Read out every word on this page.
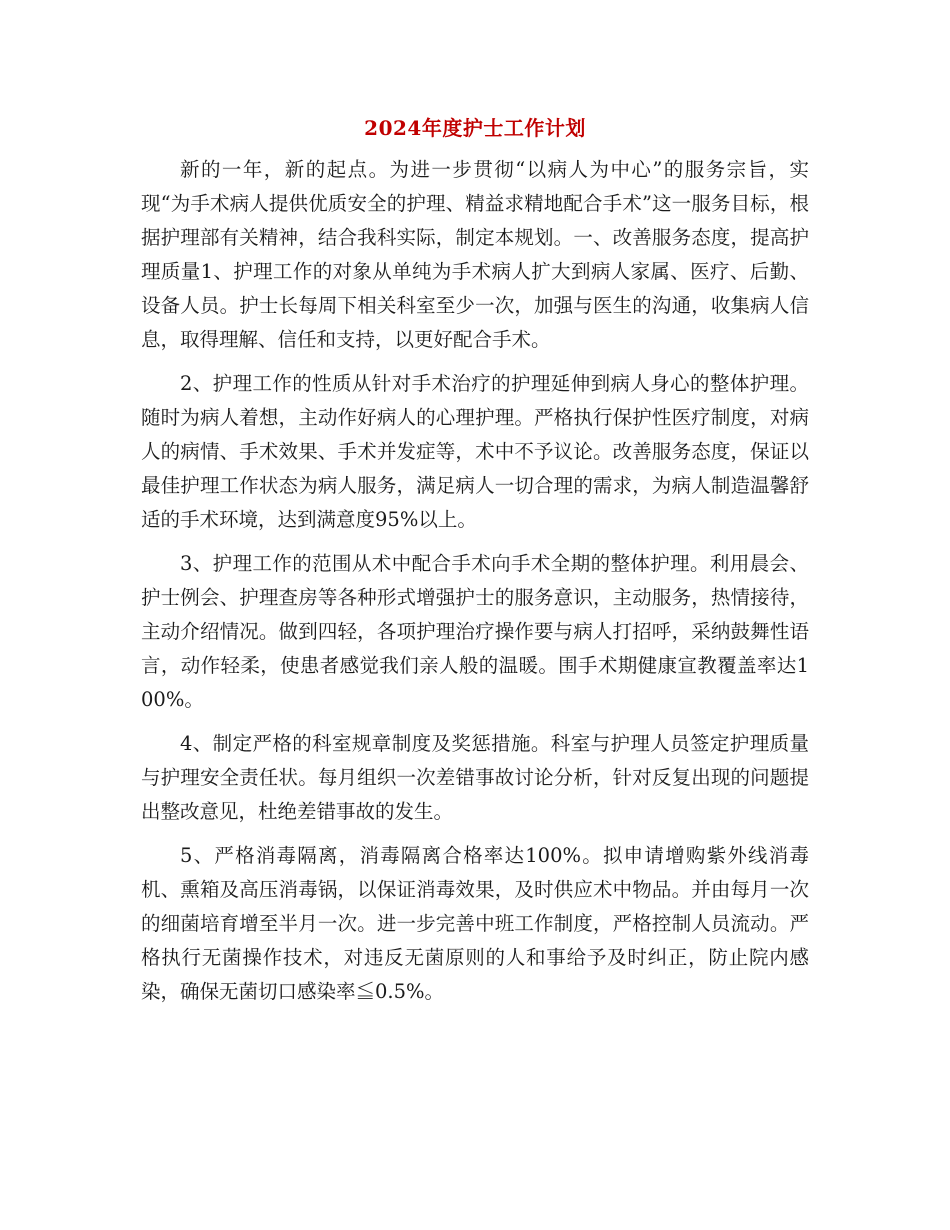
2024年度护士工作计划

新的一年，新的起点。为进一步贯彻“以病人为中心”的服务宗旨，实现“为手术病人提供优质安全的护理、精益求精地配合手术”这一服务目标，根据护理部有关精神，结合我科实际，制定本规划。一、改善服务态度，提高护理质量1、护理工作的对象从单纯为手术病人扩大到病人家属、医疗、后勤、设备人员。护士长每周下相关科室至少一次，加强与医生的沟通，收集病人信息，取得理解、信任和支持，以更好配合手术。

2、护理工作的性质从针对手术治疗的护理延伸到病人身心的整体护理。随时为病人着想，主动作好病人的心理护理。严格执行保护性医疗制度，对病人的病情、手术效果、手术并发症等，术中不予议论。改善服务态度，保证以最佳护理工作状态为病人服务，满足病人一切合理的需求，为病人制造温馨舒适的手术环境，达到满意度95%以上。

3、护理工作的范围从术中配合手术向手术全期的整体护理。利用晨会、护士例会、护理查房等各种形式增强护士的服务意识，主动服务，热情接待，主动介绍情况。做到四轻，各项护理治疗操作要与病人打招呼，采纳鼓舞性语言，动作轻柔，使患者感觉我们亲人般的温暖。围手术期健康宣教覆盖率达100%。

4、制定严格的科室规章制度及奖惩措施。科室与护理人员签定护理质量与护理安全责任状。每月组织一次差错事故讨论分析，针对反复出现的问题提出整改意见，杜绝差错事故的发生。

5、严格消毒隔离，消毒隔离合格率达100%。拟申请增购紫外线消毒机、熏箱及高压消毒锅，以保证消毒效果，及时供应术中物品。并由每月一次的细菌培育增至半月一次。进一步完善中班工作制度，严格控制人员流动。严格执行无菌操作技术，对违反无菌原则的人和事给予及时纠正，防止院内感染，确保无菌切口感染率≦0.5%。
